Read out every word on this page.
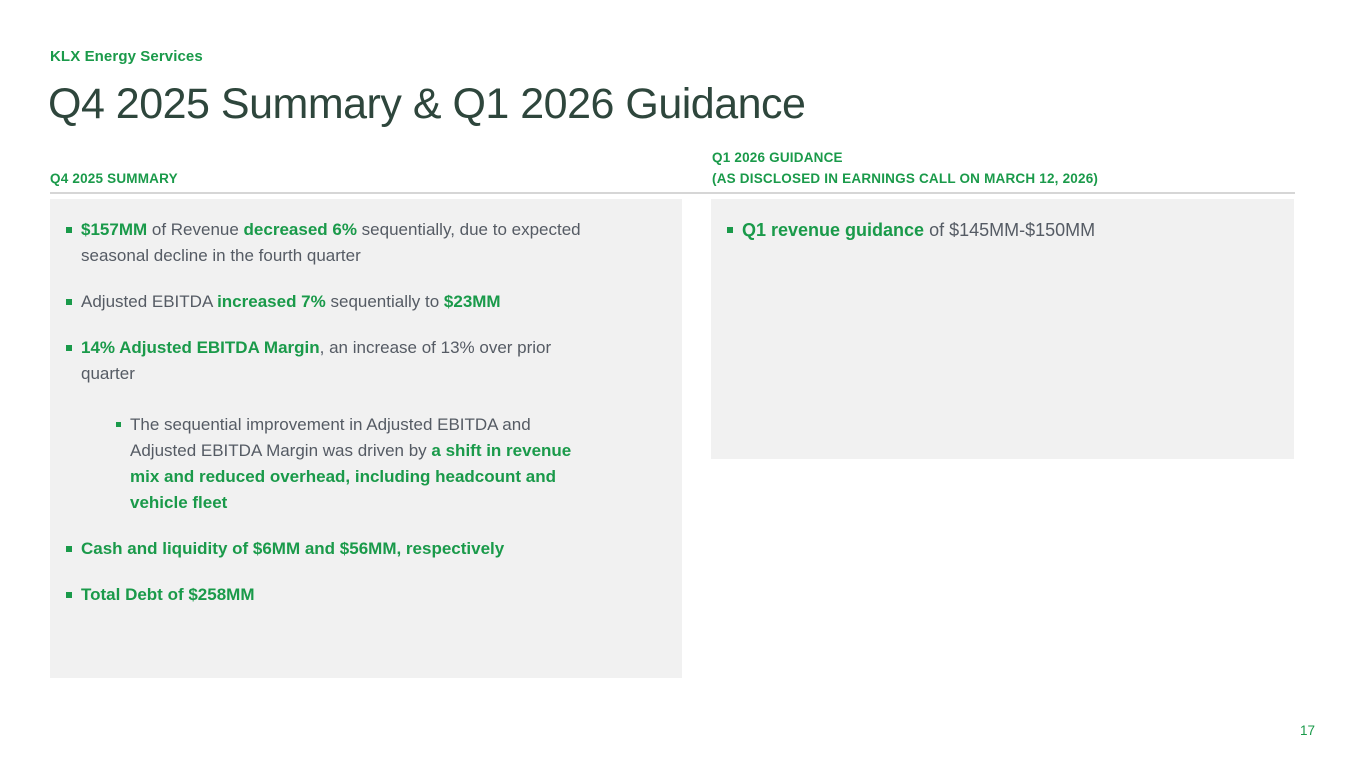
KLX Energy Services
Q4 2025 Summary & Q1 2026 Guidance
Q4 2025 SUMMARY
Q1 2026 GUIDANCE
(AS DISCLOSED IN EARNINGS CALL ON MARCH 12, 2026)
$157MM of Revenue decreased 6% sequentially, due to expected seasonal decline in the fourth quarter
Adjusted EBITDA increased 7% sequentially to $23MM
14% Adjusted EBITDA Margin, an increase of 13% over prior quarter
The sequential improvement in Adjusted EBITDA and Adjusted EBITDA Margin was driven by a shift in revenue mix and reduced overhead, including headcount and vehicle fleet
Cash and liquidity of $6MM and $56MM, respectively
Total Debt of $258MM
Q1 revenue guidance of $145MM-$150MM
17
